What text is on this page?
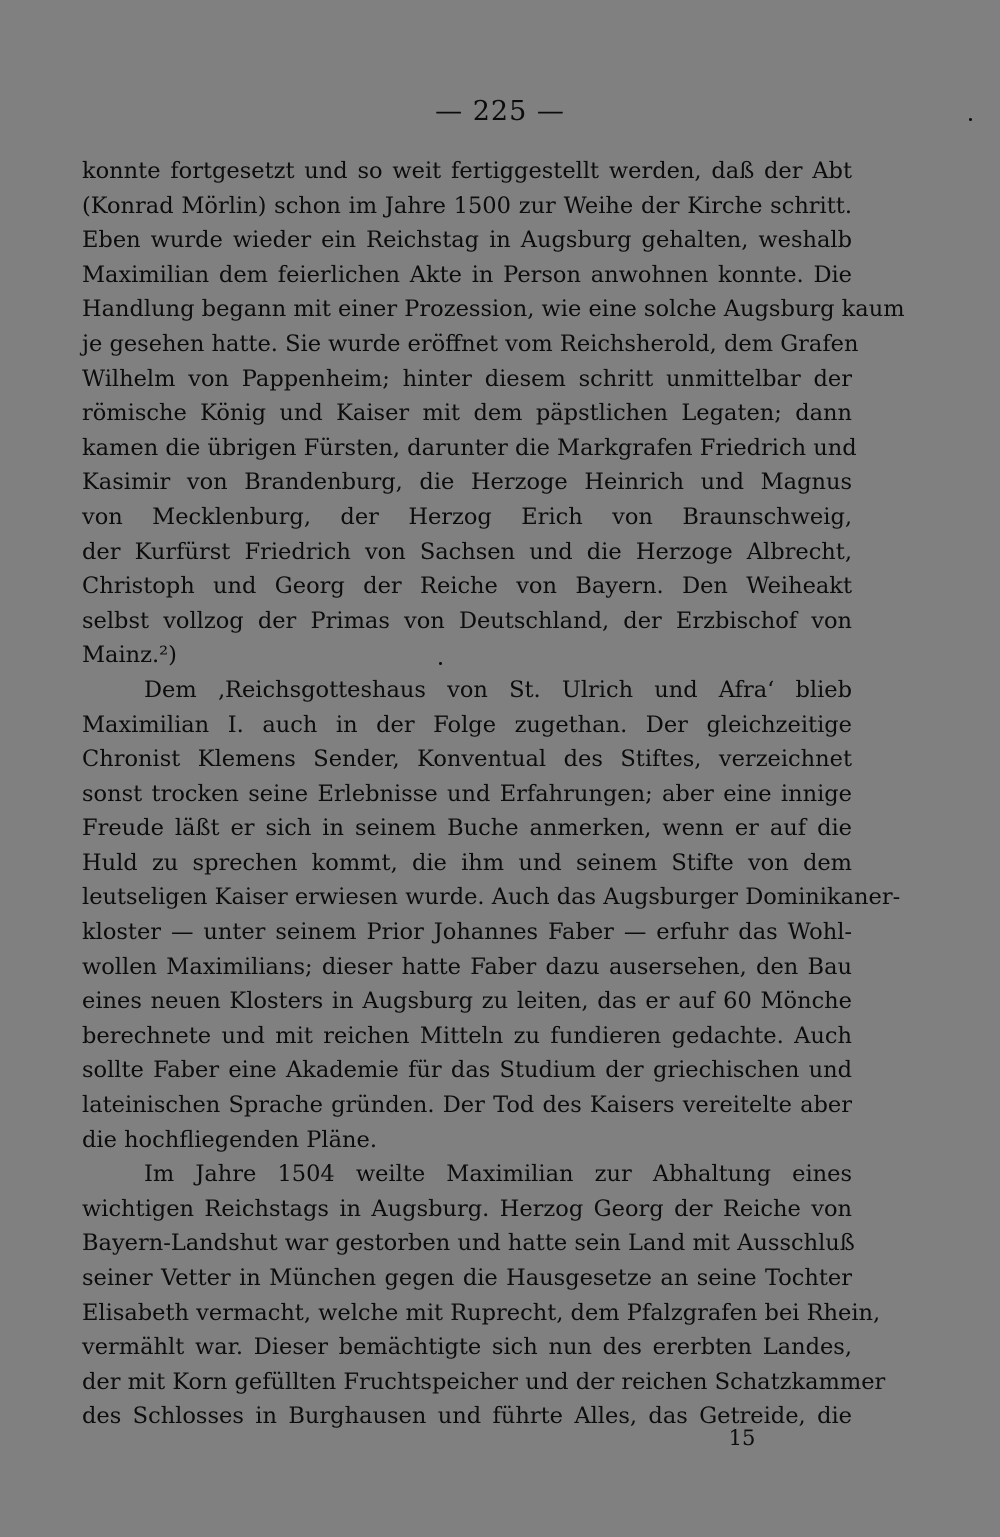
— 225 —
konnte fortgesetzt und so weit fertiggestellt werden, daß der Abt
(Konrad Mörlin) schon im Jahre 1500 zur Weihe der Kirche schritt.
Eben wurde wieder ein Reichstag in Augsburg gehalten, weshalb
Maximilian dem feierlichen Akte in Person anwohnen konnte. Die
Handlung begann mit einer Prozession, wie eine solche Augsburg kaum
je gesehen hatte. Sie wurde eröffnet vom Reichsherold, dem Grafen
Wilhelm von Pappenheim; hinter diesem schritt unmittelbar der
römische König und Kaiser mit dem päpstlichen Legaten; dann
kamen die übrigen Fürsten, darunter die Markgrafen Friedrich und
Kasimir von Brandenburg, die Herzoge Heinrich und Magnus
von Mecklenburg, der Herzog Erich von Braunschweig,
der Kurfürst Friedrich von Sachsen und die Herzoge Albrecht,
Christoph und Georg der Reiche von Bayern. Den Weiheakt
selbst vollzog der Primas von Deutschland, der Erzbischof von
Mainz.²)
Dem ‚Reichsgotteshaus von St. Ulrich und Afra‘ blieb
Maximilian I. auch in der Folge zugethan. Der gleichzeitige
Chronist Klemens Sender, Konventual des Stiftes, verzeichnet
sonst trocken seine Erlebnisse und Erfahrungen; aber eine innige
Freude läßt er sich in seinem Buche anmerken, wenn er auf die
Huld zu sprechen kommt, die ihm und seinem Stifte von dem
leutseligen Kaiser erwiesen wurde. Auch das Augsburger Dominikaner-
kloster — unter seinem Prior Johannes Faber — erfuhr das Wohl-
wollen Maximilians; dieser hatte Faber dazu ausersehen, den Bau
eines neuen Klosters in Augsburg zu leiten, das er auf 60 Mönche
berechnete und mit reichen Mitteln zu fundieren gedachte. Auch
sollte Faber eine Akademie für das Studium der griechischen und
lateinischen Sprache gründen. Der Tod des Kaisers vereitelte aber
die hochfliegenden Pläne.
Im Jahre 1504 weilte Maximilian zur Abhaltung eines
wichtigen Reichstags in Augsburg. Herzog Georg der Reiche von
Bayern-Landshut war gestorben und hatte sein Land mit Ausschluß
seiner Vetter in München gegen die Hausgesetze an seine Tochter
Elisabeth vermacht, welche mit Ruprecht, dem Pfalzgrafen bei Rhein,
vermählt war. Dieser bemächtigte sich nun des ererbten Landes,
der mit Korn gefüllten Fruchtspeicher und der reichen Schatzkammer
des Schlosses in Burghausen und führte Alles, das Getreide, die
15
